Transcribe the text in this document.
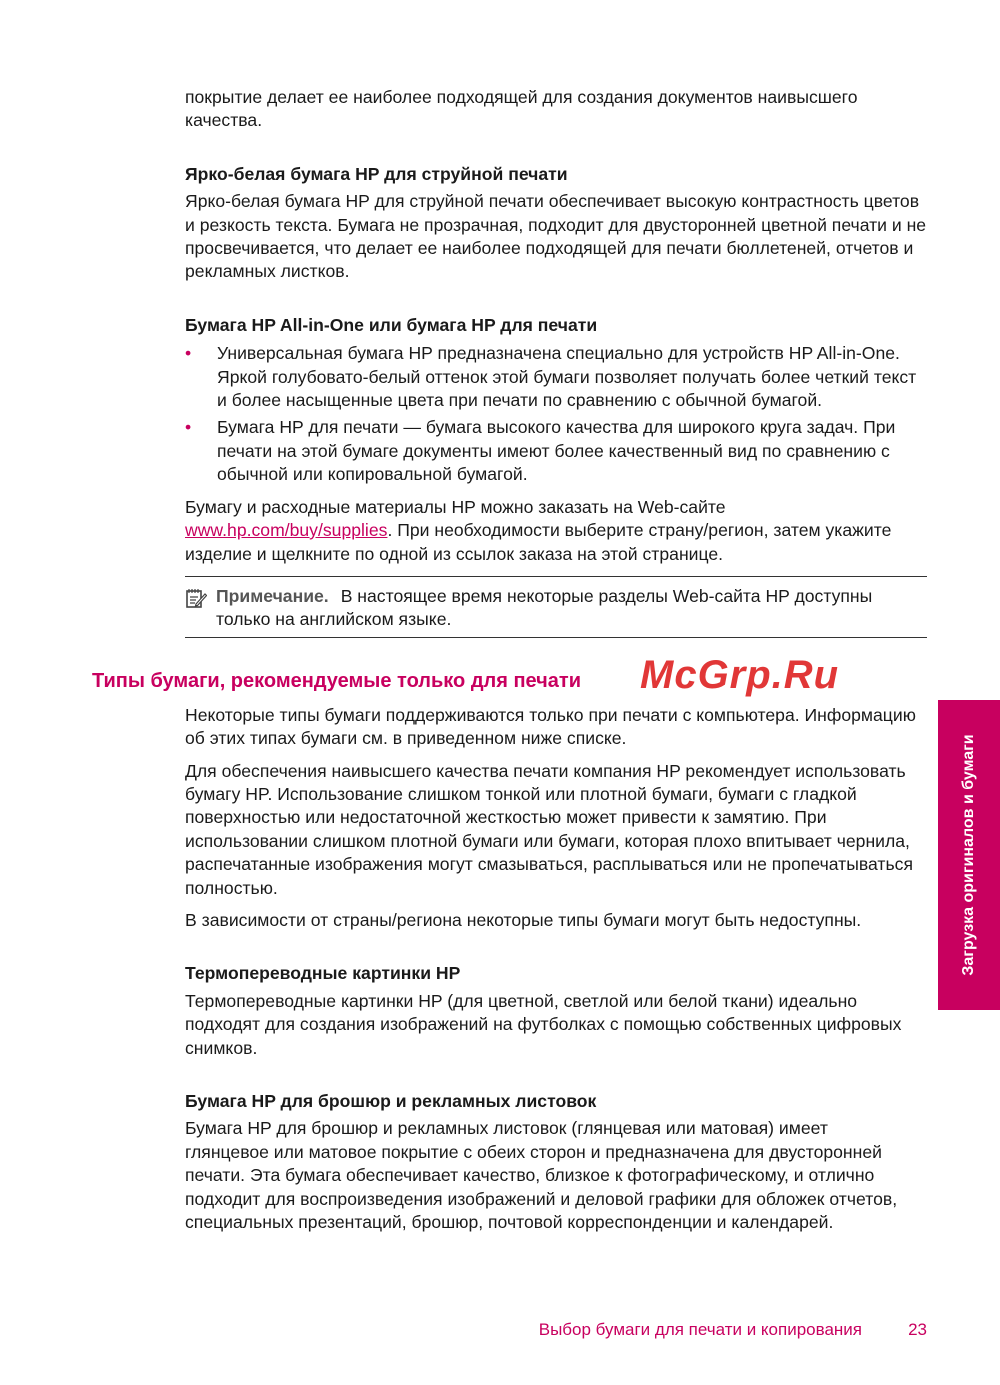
покрытие делает ее наиболее подходящей для создания документов наивысшего качества.

Ярко-белая бумага HP для струйной печати

Ярко-белая бумага HP для струйной печати обеспечивает высокую контрастность цветов и резкость текста. Бумага не прозрачная, подходит для двусторонней цветной печати и не просвечивается, что делает ее наиболее подходящей для печати бюллетеней, отчетов и рекламных листков.

Бумага HP All-in-One или бумага HP для печати

• Универсальная бумага HP предназначена специально для устройств HP All-in-One. Яркой голубовато-белый оттенок этой бумаги позволяет получать более четкий текст и более насыщенные цвета при печати по сравнению с обычной бумагой.
• Бумага HP для печати — бумага высокого качества для широкого круга задач. При печати на этой бумаге документы имеют более качественный вид по сравнению с обычной или копировальной бумагой.

Бумагу и расходные материалы HP можно заказать на Web-сайте www.hp.com/buy/supplies. При необходимости выберите страну/регион, затем укажите изделие и щелкните по одной из ссылок заказа на этой странице.

Примечание. В настоящее время некоторые разделы Web-сайта HP доступны только на английском языке.
Типы бумаги, рекомендуемые только для печати McGrp.Ru

Некоторые типы бумаги поддерживаются только при печати с компьютера. Информацию об этих типах бумаги см. в приведенном ниже списке.

Для обеспечения наивысшего качества печати компания HP рекомендует использовать бумагу HP. Использование слишком тонкой или плотной бумаги, бумаги с гладкой поверхностью или недостаточной жесткостью может привести к замятию. При использовании слишком плотной бумаги или бумаги, которая плохо впитывает чернила, распечатанные изображения могут смазываться, расплываться или не пропечатываться полностью.

В зависимости от страны/региона некоторые типы бумаги могут быть недоступны.

Термопереводные картинки HP

Термопереводные картинки HP (для цветной, светлой или белой ткани) идеально подходят для создания изображений на футболках с помощью собственных цифровых снимков.

Бумага HP для брошюр и рекламных листовок

Бумага HP для брошюр и рекламных листовок (глянцевая или матовая) имеет глянцевое или матовое покрытие с обеих сторон и предназначена для двусторонней печати. Эта бумага обеспечивает качество, близкое к фотографическому, и отлично подходит для воспроизведения изображений и деловой графики для обложек отчетов, специальных презентаций, брошюр, почтовой корреспонденции и календарей.

Загрузка оригиналов и бумаги
Выбор бумаги для печати и копирования	23
